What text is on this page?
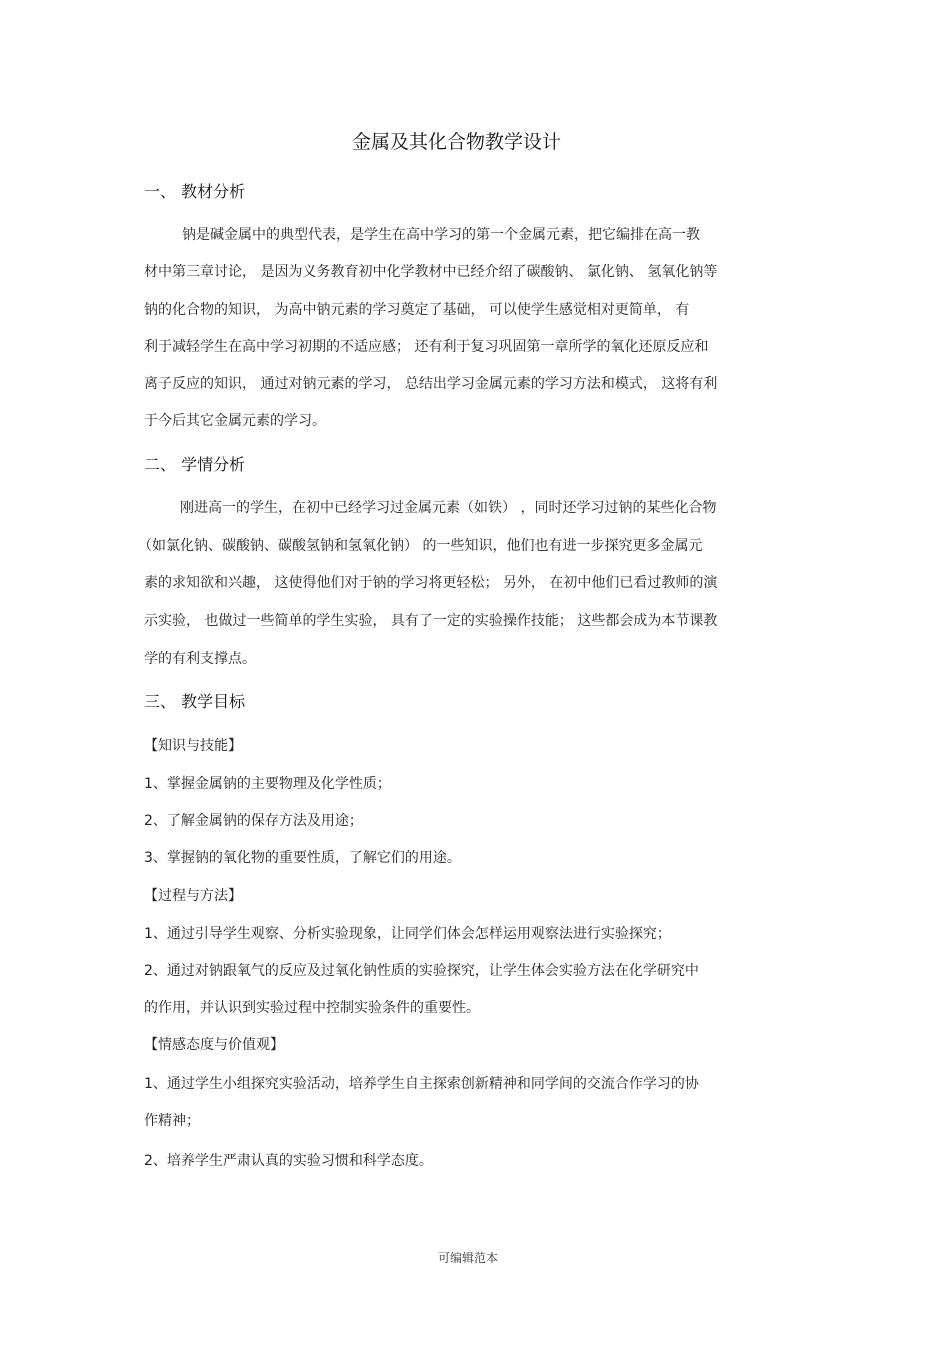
金属及其化合物教学设计
一、 教材分析
钠是碱金属中的典型代表，是学生在高中学习的第一个金属元素，把它编排在高一教
材中第三章讨论， 是因为义务教育初中化学教材中已经介绍了碳酸钠、 氯化钠、 氢氧化钠等
钠的化合物的知识， 为高中钠元素的学习奠定了基础， 可以使学生感觉相对更简单， 有
利于减轻学生在高中学习初期的不适应感； 还有利于复习巩固第一章所学的氧化还原反应和
离子反应的知识， 通过对钠元素的学习， 总结出学习金属元素的学习方法和模式， 这将有利
于今后其它金属元素的学习。
二、 学情分析
刚进高一的学生，在初中已经学习过金属元素（如铁） ，同时还学习过钠的某些化合物
（如氯化钠、碳酸钠、碳酸氢钠和氢氧化钠） 的一些知识，他们也有进一步探究更多金属元
素的求知欲和兴趣， 这使得他们对于钠的学习将更轻松； 另外， 在初中他们已看过教师的演
示实验， 也做过一些简单的学生实验， 具有了一定的实验操作技能； 这些都会成为本节课教
学的有利支撑点。
三、 教学目标
【知识与技能】
1、掌握金属钠的主要物理及化学性质；
2、了解金属钠的保存方法及用途；
3、掌握钠的氧化物的重要性质，了解它们的用途。
【过程与方法】
1、通过引导学生观察、分析实验现象，让同学们体会怎样运用观察法进行实验探究；
2、通过对钠跟氧气的反应及过氧化钠性质的实验探究，让学生体会实验方法在化学研究中
的作用，并认识到实验过程中控制实验条件的重要性。
【情感态度与价值观】
1、通过学生小组探究实验活动，培养学生自主探索创新精神和同学间的交流合作学习的协
作精神；
2、培养学生严肃认真的实验习惯和科学态度。
可编辑范本
